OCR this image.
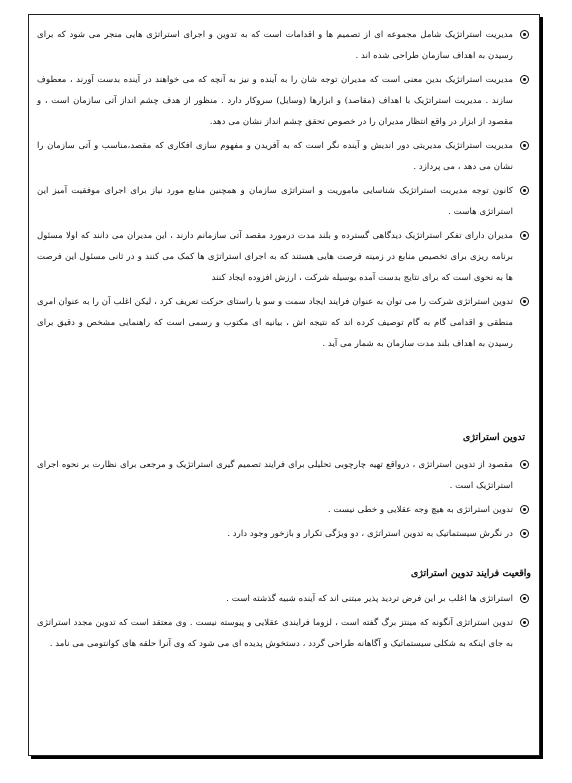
مدیریت استراتژیک شامل مجموعه ای از تصمیم ها و اقدامات است که به تدوین و اجرای استراتژی هایی منجر می شود که برای رسیدن به اهداف سازمان طراحی شده اند .
مدیریت استراتژیک بدین معنی است که مدیران توجه شان را به آینده و نیز به آنچه که می خواهند در آینده بدست آورند ، معطوف سازند . مدیریت استراتژیک با اهداف (مقاصد) و ابزارها (وسایل) سروکار دارد . منظور از هدف چشم انداز آتی سازمان است ، و مقصود از ابزار در واقع انتظار مدیران را در خصوص تحقق چشم انداز نشان می دهد.
مدیریت استراتژیک مدیریتی دور اندیش و آینده نگر است که به آفریدن و مفهوم سازی افکاری که مقصد،مناسب و آتی سازمان را نشان می دهد ، می پردازد .
کانون توجه مدیریت استراتژیک شناسایی ماموریت و استراتژی سازمان و همچنین منابع مورد نیاز برای اجرای موفقیت آمیز این استراتژی هاست .
مدیران دارای تفکر استراتژیک دیدگاهی گسترده و بلند مدت درمورد مقصد آتی سازمانم دارند ، این مدیران می دانند که اولا مسئول برنامه ریزی برای تخصیص منابع در زمینه فرصت هایی هستند که به اجرای استراتژی ها کمک می کنند و در ثانی مسئول این فرصت ها به نحوی است که برای نتایج بدست آمده بوسیله شرکت ، ارزش افزوده ایجاد کنند
تدوین استراتژی شرکت را می توان به عنوان فرایند ایجاد سمت و سو یا راستای حرکت تعریف کرد ، لیکن اغلب آن را به عنوان امری منطقی و اقدامی گام به گام توصیف کرده اند که نتیجه اش ، بیانیه ای مکتوب و رسمی است که راهنمایی مشخص و دقیق برای رسیدن به اهداف بلند مدت سازمان به شمار می آید .
تدوین استراتژی
مقصود از تدوین استراتژی ، درواقع تهیه چارچوبی تحلیلی برای فرایند تصمیم گیری استراتژیک و مرجعی برای نظارت بر نحوه اجرای استراتژیک است .
تدوین استراتژی به هیچ وجه عقلایی و خطی نیست .
در نگرش سیستماتیک به تدوین استراتژی ، دو ویژگی تکرار و بازخور وجود دارد .
واقعیت فرایند تدوین استراتژی
استراتژی ها اغلب بر این فرض تردید پذیر مبتنی اند که آینده شبیه گذشته است .
تدوین استراتژی آنگونه که مینتز برگ گفته است ، لزوما فرایندی عقلایی و پیوسته نیست . وی معتقد است که تدوین مجدد استراتژی به جای اینکه به شکلی سیستماتیک و آگاهانه طراحی گردد ، دستخوش پدیده ای می شود که وی آنرا حلقه های کوانتومی می نامد .
